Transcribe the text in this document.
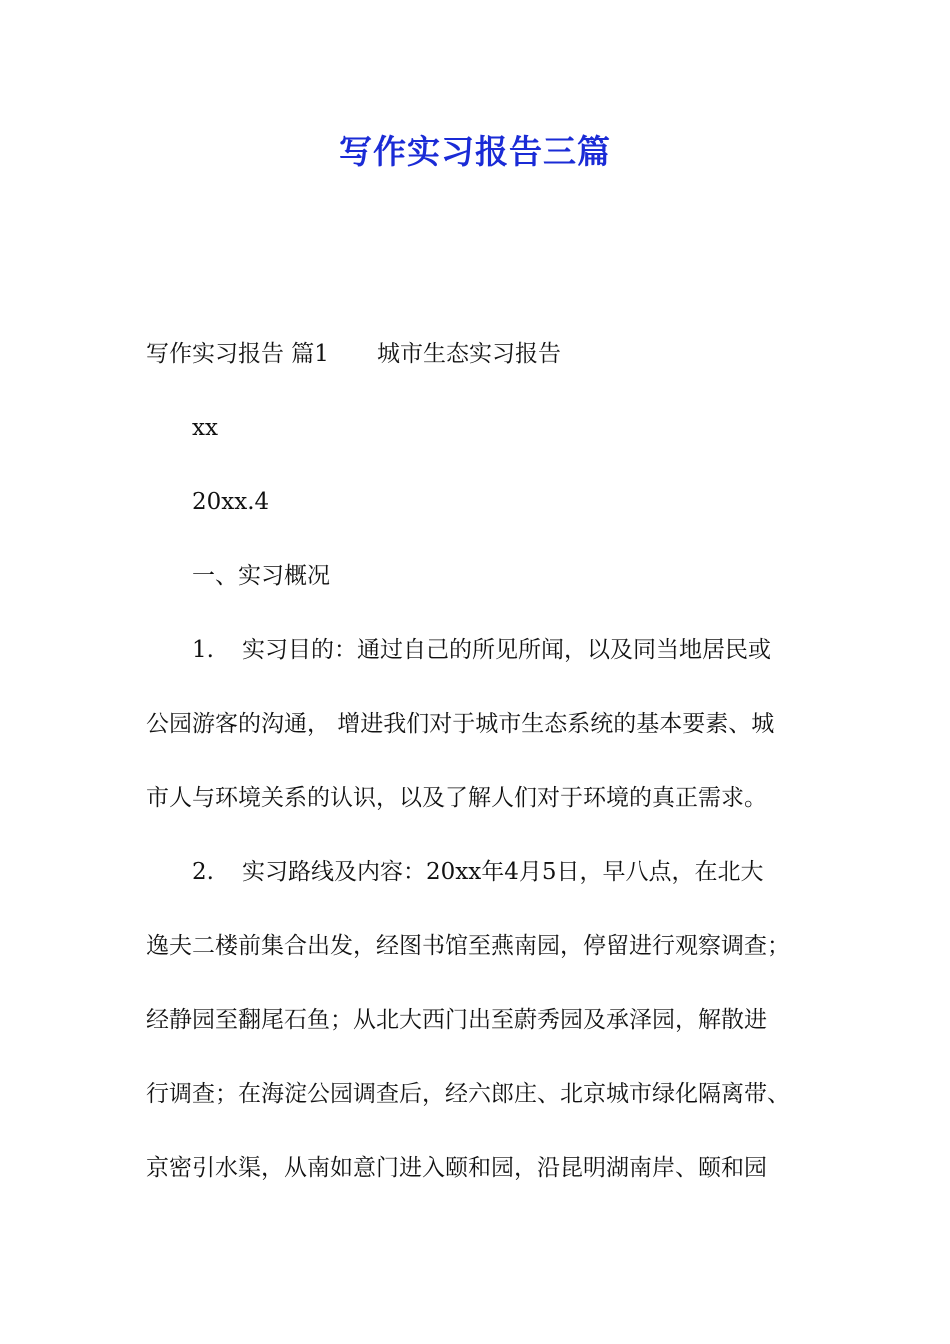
写作实习报告三篇
写作实习报告 篇1 城市生态实习报告
xx
20xx.4
一、实习概况
1. 实习目的：通过自己的所见所闻，以及同当地居民或
公园游客的沟通， 增进我们对于城市生态系统的基本要素、城
市人与环境关系的认识，以及了解人们对于环境的真正需求。
2. 实习路线及内容：20xx年4月5日，早八点，在北大
逸夫二楼前集合出发，经图书馆至燕南园，停留进行观察调查；
经静园至翻尾石鱼；从北大西门出至蔚秀园及承泽园，解散进
行调查；在海淀公园调查后，经六郎庄、北京城市绿化隔离带、
京密引水渠，从南如意门进入颐和园，沿昆明湖南岸、颐和园
